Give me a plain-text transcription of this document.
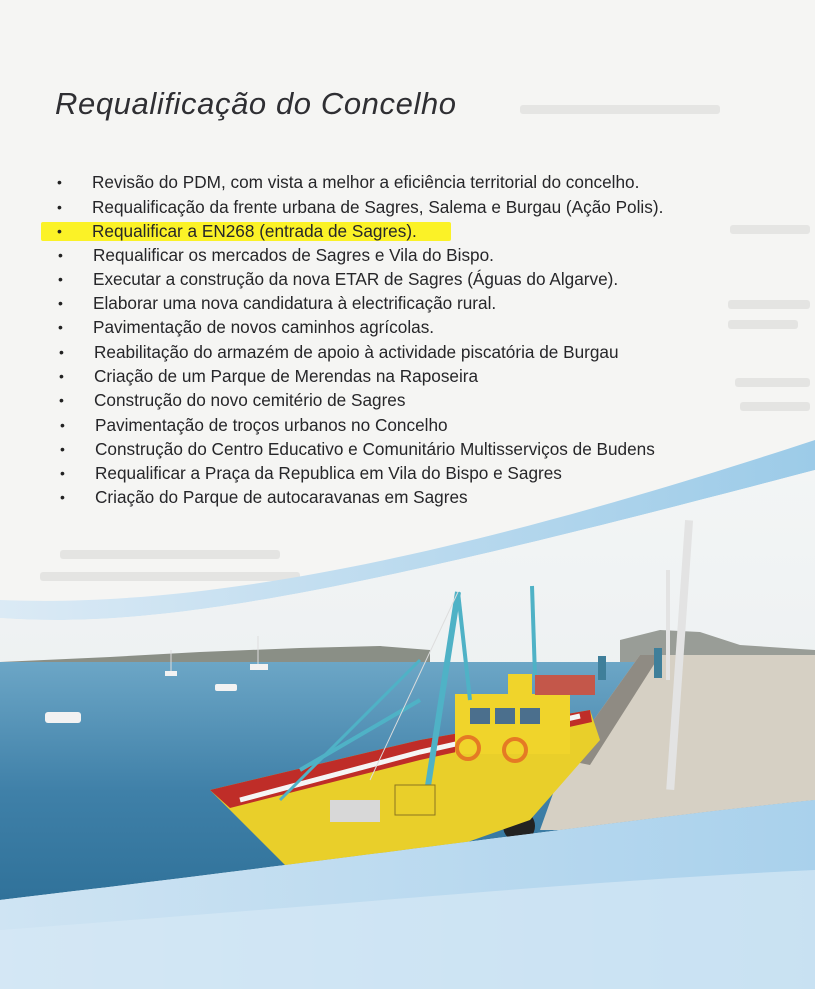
Requalificação do Concelho
• Revisão do PDM, com vista a melhor a eficiência territorial do concelho.
• Requalificação da frente urbana de Sagres, Salema e Burgau (Ação Polis).
• Requalificar a EN268 (entrada de Sagres).
• Requalificar os mercados de Sagres e Vila do Bispo.
• Executar a construção da nova ETAR de Sagres (Águas do Algarve).
• Elaborar uma nova candidatura à electrificação rural.
• Pavimentação de novos caminhos agrícolas.
• Reabilitação do armazém de apoio à actividade piscatória de Burgau
• Criação de um Parque de Merendas na Raposeira
• Construção do novo cemitério de Sagres
• Pavimentação de troços urbanos no Concelho
• Construção do Centro Educativo e Comunitário Multisserviços de Budens
• Requalificar a Praça da Republica em Vila do Bispo e Sagres
• Criação do Parque de autocaravanas em Sagres
